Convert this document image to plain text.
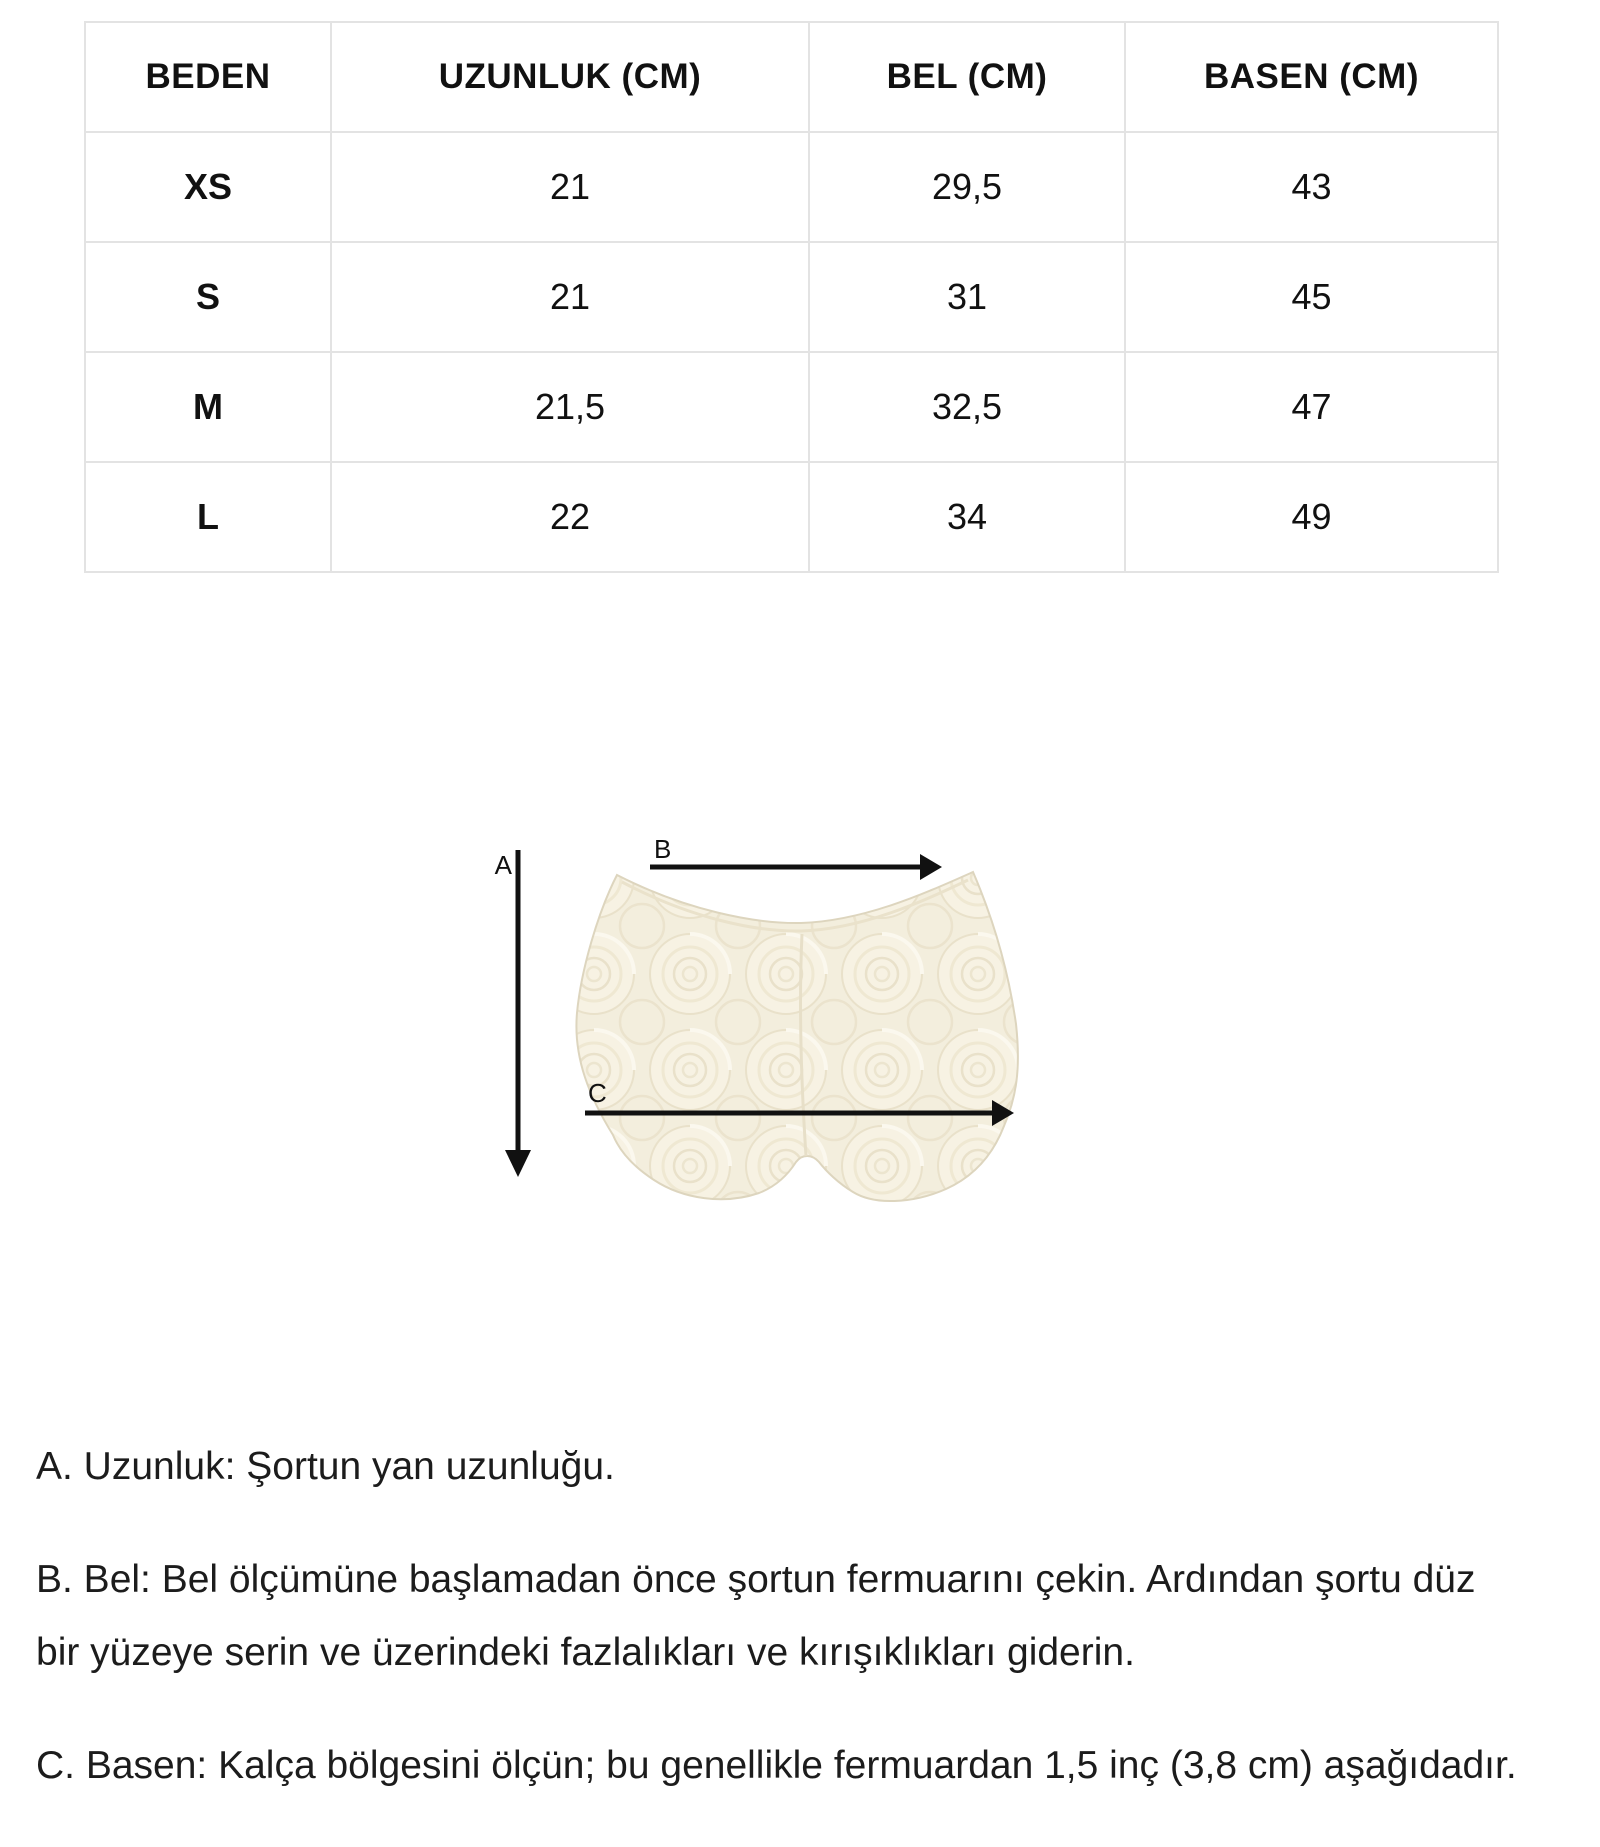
BEDEN	UZUNLUK (CM)	BEL (CM)	BASEN (CM)
XS	21	29,5	43
S	21	31	45
M	21,5	32,5	47
L	22	34	49
A
B
C

A. Uzunluk: Şortun yan uzunluğu.

B. Bel: Bel ölçümüne başlamadan önce şortun fermuarını çekin. Ardından şortu düz bir yüzeye serin ve üzerindeki fazlalıkları ve kırışıklıkları giderin.

C. Basen: Kalça bölgesini ölçün; bu genellikle fermuardan 1,5 inç (3,8 cm) aşağıdadır.
